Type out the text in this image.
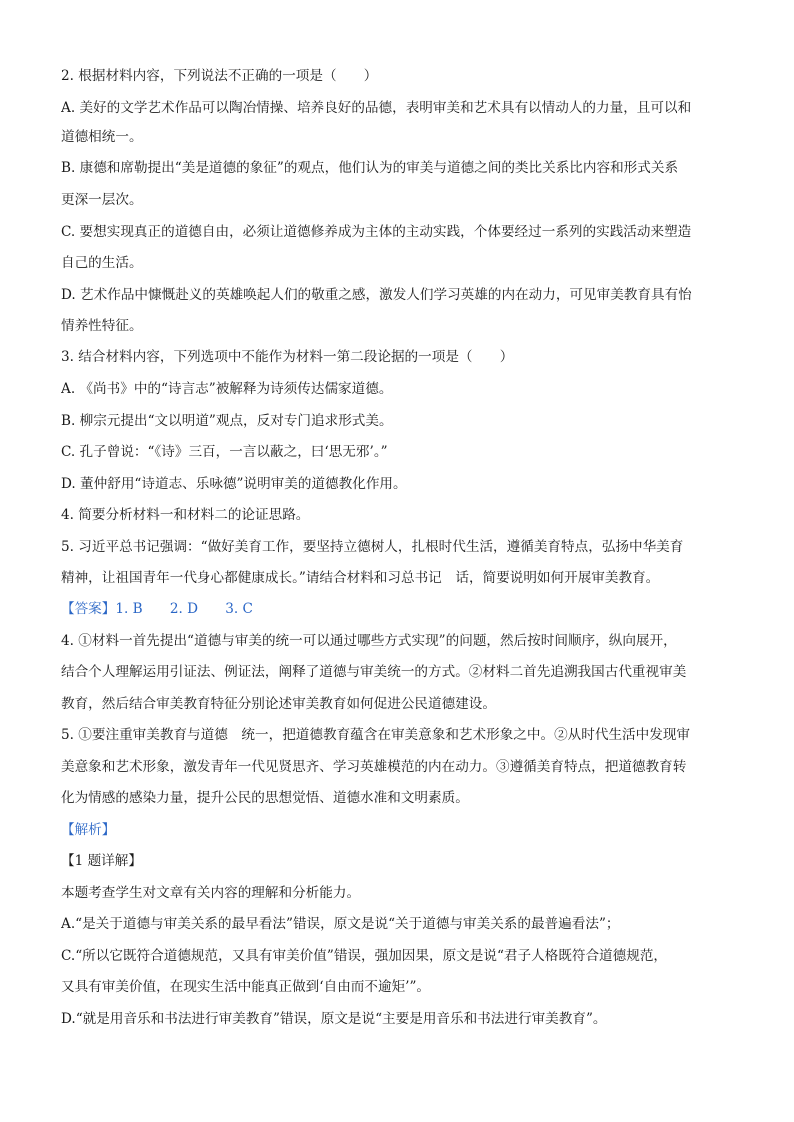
2. 根据材料内容，下列说法不正确的一项是（　　）
A. 美好的文学艺术作品可以陶冶情操、培养良好的品德，表明审美和艺术具有以情动人的力量，且可以和
道德相统一。
B. 康德和席勒提出“美是道德的象征”的观点，他们认为的审美与道德之间的类比关系比内容和形式关系
更深一层次。
C. 要想实现真正的道德自由，必须让道德修养成为主体的主动实践，个体要经过一系列的实践活动来塑造
自己的生活。
D. 艺术作品中慷慨赴义的英雄唤起人们的敬重之感，激发人们学习英雄的内在动力，可见审美教育具有怡
情养性特征。
3. 结合材料内容，下列选项中不能作为材料一第二段论据的一项是（　　）
A. 《尚书》中的“诗言志”被解释为诗须传达儒家道德。
B. 柳宗元提出“文以明道”观点，反对专门追求形式美。
C. 孔子曾说：“《诗》三百，一言以蔽之，曰‘思无邪’。”
D. 董仲舒用“诗道志、乐咏德”说明审美的道德教化作用。
4. 简要分析材料一和材料二的论证思路。
5. 习近平总书记强调：“做好美育工作，要坚持立德树人，扎根时代生活，遵循美育特点，弘扬中华美育
精神，让祖国青年一代身心都健康成长。”请结合材料和习总书记　话，简要说明如何开展审美教育。
【答案】1. B　　2. D　　3. C
4. ①材料一首先提出“道德与审美的统一可以通过哪些方式实现”的问题，然后按时间顺序，纵向展开，
结合个人理解运用引证法、例证法，阐释了道德与审美统一的方式。②材料二首先追溯我国古代重视审美
教育，然后结合审美教育特征分别论述审美教育如何促进公民道德建设。
5. ①要注重审美教育与道德　统一，把道德教育蕴含在审美意象和艺术形象之中。②从时代生活中发现审
美意象和艺术形象，激发青年一代见贤思齐、学习英雄模范的内在动力。③遵循美育特点，把道德教育转
化为情感的感染力量，提升公民的思想觉悟、道德水准和文明素质。
【解析】
【1 题详解】
本题考查学生对文章有关内容的理解和分析能力。
A.“是关于道德与审美关系的最早看法”错误，原文是说“关于道德与审美关系的最普遍看法”；
C.“所以它既符合道德规范，又具有审美价值”错误，强加因果，原文是说“君子人格既符合道德规范，
又具有审美价值，在现实生活中能真正做到‘自由而不逾矩’”。
D.“就是用音乐和书法进行审美教育”错误，原文是说“主要是用音乐和书法进行审美教育”。
